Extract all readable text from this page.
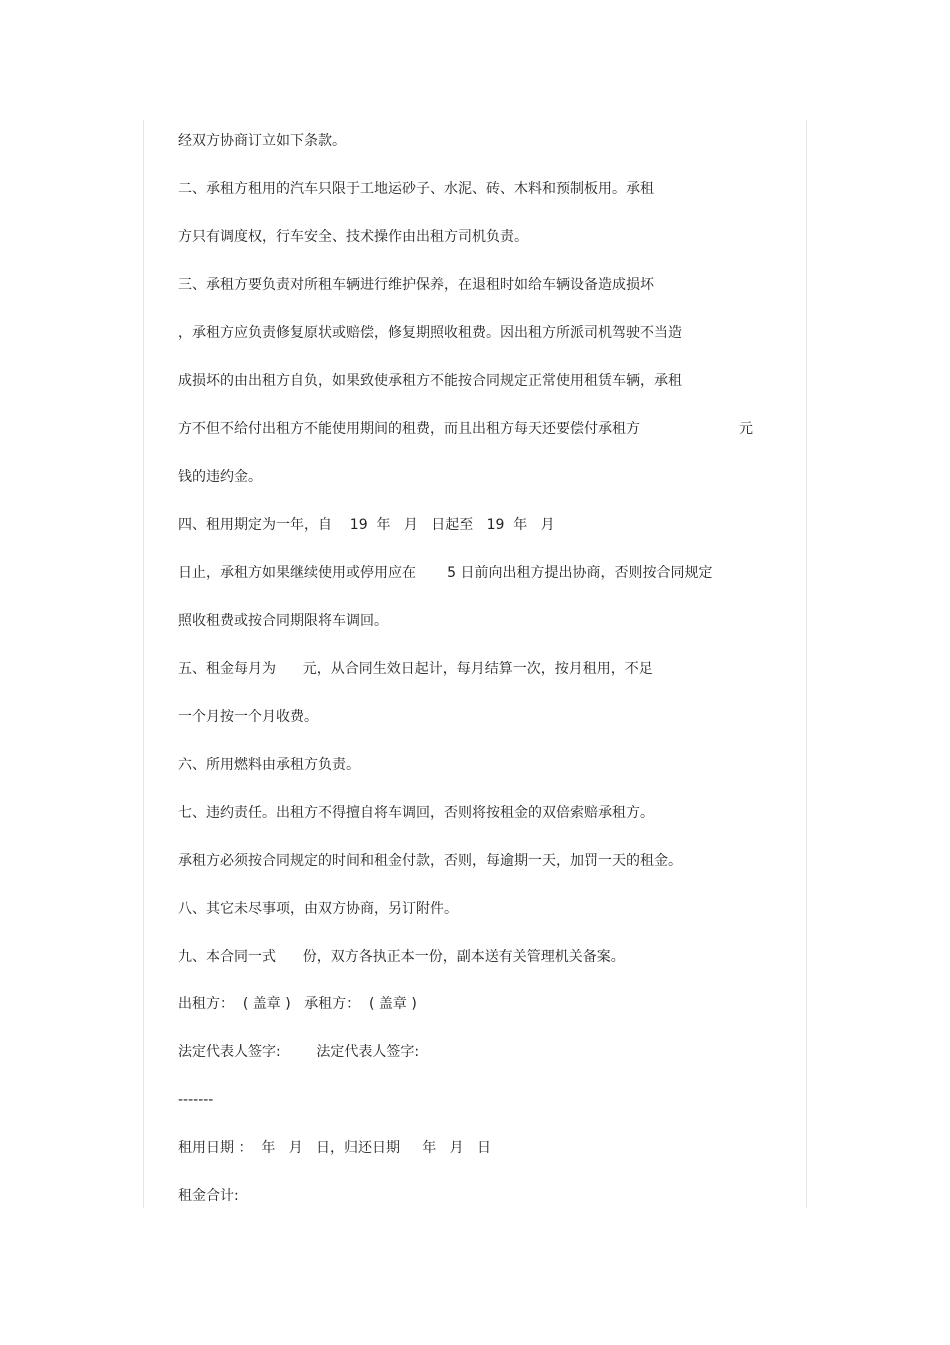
经双方协商订立如下条款。

二、承租方租用的汽车只限于工地运砂子、水泥、砖、木料和预制板用。承租

方只有调度权，行车安全、技术操作由出租方司机负责。

三、承租方要负责对所租车辆进行维护保养，在退租时如给车辆设备造成损坏

，承租方应负责修复原状或赔偿，修复期照收租费。因出租方所派司机驾驶不当造

成损坏的由出租方自负，如果致使承租方不能按合同规定正常使用租赁车辆，承租

方不但不给付出租方不能使用期间的租费，而且出租方每天还要偿付承租方	元

钱的违约金。

四、租用期定为一年，自    19  年   月   日起至   19  年   月

日止，承租方如果继续使用或停用应在       5 日前向出租方提出协商，否则按合同规定

照收租费或按合同期限将车调回。

五、租金每月为      元，从合同生效日起计，每月结算一次，按月租用，不足

一个月按一个月收费。

六、所用燃料由承租方负责。

七、违约责任。出租方不得擅自将车调回，否则将按租金的双倍索赔承租方。

承租方必须按合同规定的时间和租金付款，否则，每逾期一天，加罚一天的租金。

八、其它未尽事项，由双方协商，另订附件。

九、本合同一式      份，双方各执正本一份，副本送有关管理机关备案。

出租方：  ( 盖章 )   承租方：  ( 盖章 )

法定代表人签字:        法定代表人签字:

-------

租用日期 ：  年   月   日，归还日期     年   月   日

租金合计:
